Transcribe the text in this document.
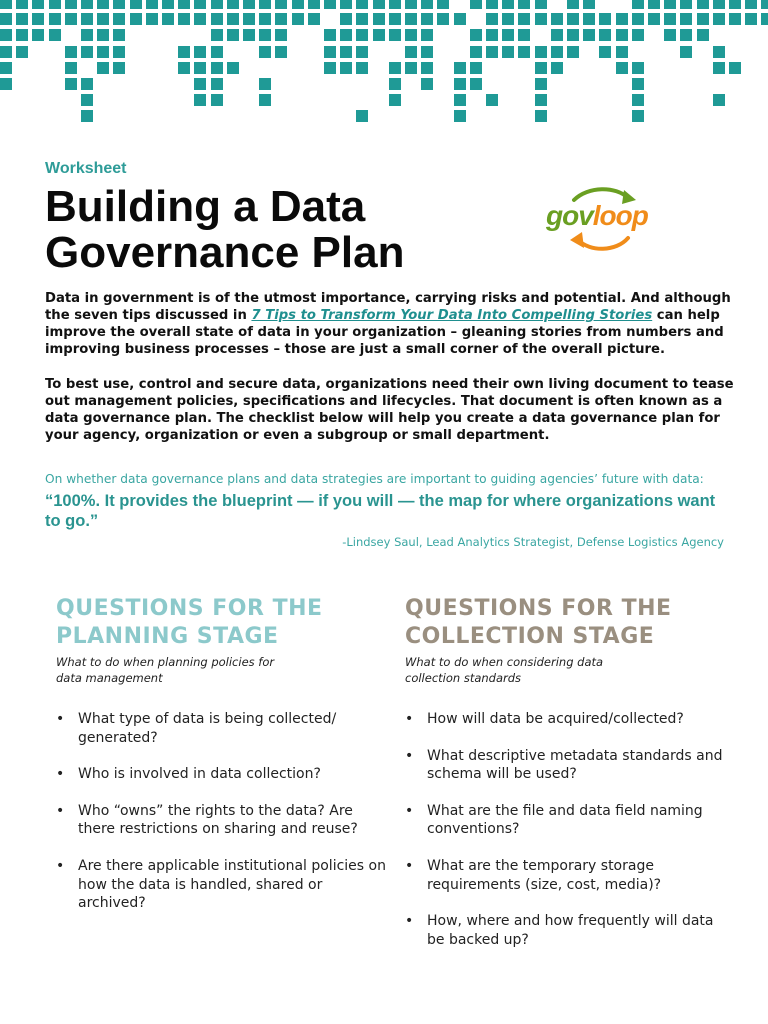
Worksheet
Building a Data
Governance Plan
govloop

Data in government is of the utmost importance, carrying risks and potential. And although the seven tips discussed in 7 Tips to Transform Your Data Into Compelling Stories can help improve the overall state of data in your organization – gleaning stories from numbers and improving business processes – those are just a small corner of the overall picture.

To best use, control and secure data, organizations need their own living document to tease out management policies, specifications and lifecycles. That document is often known as a data governance plan. The checklist below will help you create a data governance plan for your agency, organization or even a subgroup or small department.

On whether data governance plans and data strategies are important to guiding agencies’ future with data:

“100%. It provides the blueprint — if you will — the map for where organizations want to go.”

-Lindsey Saul, Lead Analytics Strategist, Defense Logistics Agency
QUESTIONS FOR THE
PLANNING STAGE

What to do when planning policies for
data management

• What type of data is being collected/ generated?
• Who is involved in data collection?
• Who “owns” the rights to the data? Are there restrictions on sharing and reuse?
• Are there applicable institutional policies on how the data is handled, shared or archived?
QUESTIONS FOR THE
COLLECTION STAGE

What to do when considering data
collection standards

• How will data be acquired/collected?
• What descriptive metadata standards and schema will be used?
• What are the file and data field naming conventions?
• What are the temporary storage requirements (size, cost, media)?
• How, where and how frequently will data be backed up?
